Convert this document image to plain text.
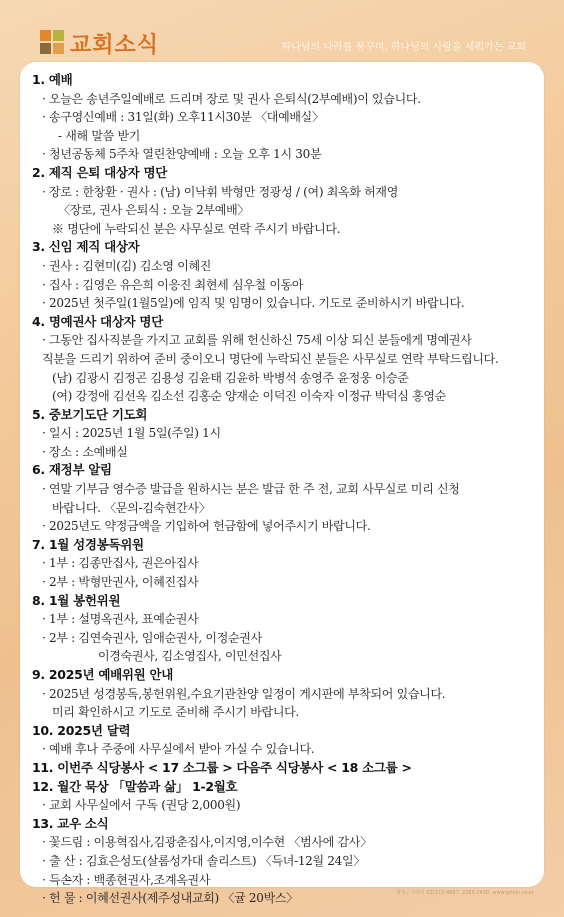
교회소식	하나님의 나라를 꿈꾸며, 하나님의 사람을 세워가는 교회
1. 예배
· 오늘은 송년주일예배로 드리며 장로 및 권사 은퇴식(2부예배)이 있습니다.
· 송구영신예배 : 31일(화) 오후11시30분 〈대예배실〉
- 새해 말씀 받기
· 청년공동체 5주차 열린찬양예배 : 오늘 오후 1시 30분
2. 제직 은퇴 대상자 명단
· 장로 : 한창환 · 권사 : (남) 이낙휘 박형만 정광성 / (여) 최옥화 허재영
〈장로, 권사 은퇴식 : 오늘 2부예배〉
※ 명단에 누락되신 분은 사무실로 연락 주시기 바랍니다.
3. 신임 제직 대상자
· 권사 : 김현미(김) 김소영 이혜진
· 집사 : 김영은 유은희 이응진 최현세 심우철 이동아
· 2025년 첫주일(1월5일)에 임직 및 임명이 있습니다. 기도로 준비하시기 바랍니다.
4. 명예권사 대상자 명단
· 그동안 집사직분을 가지고 교회를 위해 헌신하신 75세 이상 되신 분들에게 명예권사
직분을 드리기 위하여 준비 중이오니 명단에 누락되신 분들은 사무실로 연락 부탁드립니다.
(남) 김광시 김정곤 김용성 김윤태 김윤하 박병석 송영주 윤정웅 이승준
(여) 강정애 김선옥 김소선 김홍순 양재순 이덕진 이숙자 이정규 박덕심 홍영순
5. 중보기도단 기도회
· 일시 : 2025년 1월 5일(주일) 1시
· 장소 : 소예배실
6. 재정부 알림
· 연말 기부금 영수증 발급을 원하시는 분은 발급 한 주 전, 교회 사무실로 미리 신청
바랍니다. 〈문의-김숙현간사〉
· 2025년도 약정금액을 기입하여 헌금함에 넣어주시기 바랍니다.
7. 1월 성경봉독위원
· 1부 : 김종만집사, 권은아집사
· 2부 : 박형만권사, 이혜진집사
8. 1월 봉헌위원
· 1부 : 설명옥권사, 표예순권사
· 2부 : 김연숙권사, 임애순권사, 이정순권사
이경숙권사, 김소영집사, 이민선집사
9. 2025년 예배위원 안내
· 2025년 성경봉독,봉헌위원,수요기관찬양 일정이 게시판에 부착되어 있습니다.
미리 확인하시고 기도로 준비해 주시기 바랍니다.
10. 2025년 달력
· 예배 후나 주중에 사무실에서 받아 가실 수 있습니다.
11. 이번주 식당봉사 < 17 소그룹 > 다음주 식당봉사 < 18 소그룹 >
12. 월간 묵상 「말씀과 삶」 1-2월호
· 교회 사무실에서 구독 (권당 2,000원)
13. 교우 소식
· 꽃드림 : 이용혁집사,김광춘집사,이지영,이수현 〈범사에 감사〉
· 출 산 : 김효은성도(살롬성가대 솔리스트) 〈득녀-12월 24일〉
· 득손자 : 백종현권사,조계옥권사
· 헌 물 : 이혜선권사(제주성내교회) 〈귤 20박스〉	제작 / 그레싱 02)272-4667, 2265-2420, www.gridin.co.kr
